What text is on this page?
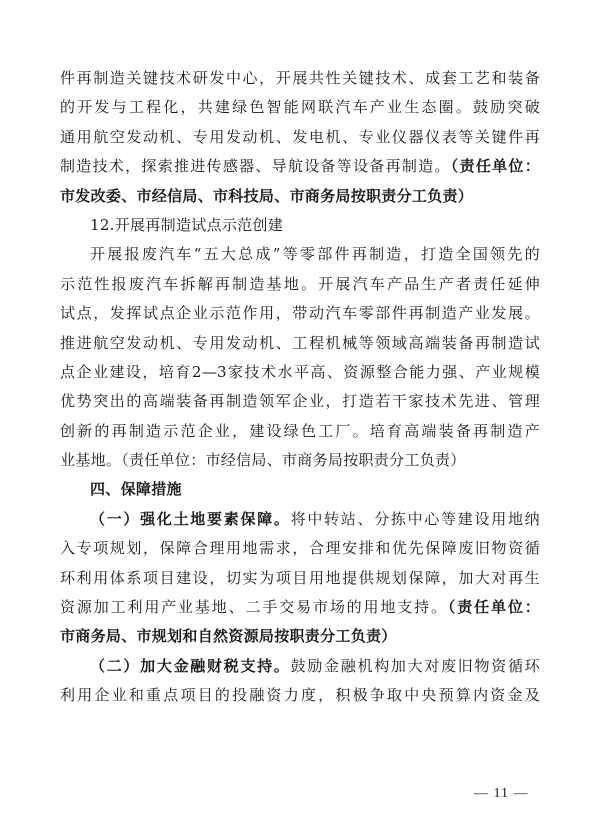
件再制造关键技术研发中心，开展共性关键技术、成套工艺和装备
的开发与工程化，共建绿色智能网联汽车产业生态圈。鼓励突破
通用航空发动机、专用发动机、发电机、专业仪器仪表等关键件再
制造技术，探索推进传感器、导航设备等设备再制造。（责任单位：
市发改委、市经信局、市科技局、市商务局按职责分工负责）
12.开展再制造试点示范创建
开展报废汽车“五大总成”等零部件再制造，打造全国领先的
示范性报废汽车拆解再制造基地。开展汽车产品生产者责任延伸
试点，发挥试点企业示范作用，带动汽车零部件再制造产业发展。
推进航空发动机、专用发动机、工程机械等领域高端装备再制造试
点企业建设，培育2—3家技术水平高、资源整合能力强、产业规模
优势突出的高端装备再制造领军企业，打造若干家技术先进、管理
创新的再制造示范企业，建设绿色工厂。培育高端装备再制造产
业基地。（责任单位：市经信局、市商务局按职责分工负责）
四、保障措施
（一）强化土地要素保障。将中转站、分拣中心等建设用地纳
入专项规划，保障合理用地需求，合理安排和优先保障废旧物资循
环利用体系项目建设，切实为项目用地提供规划保障，加大对再生
资源加工利用产业基地、二手交易市场的用地支持。（责任单位：
市商务局、市规划和自然资源局按职责分工负责）
（二）加大金融财税支持。鼓励金融机构加大对废旧物资循环
利用企业和重点项目的投融资力度，积极争取中央预算内资金及
— 11 —
